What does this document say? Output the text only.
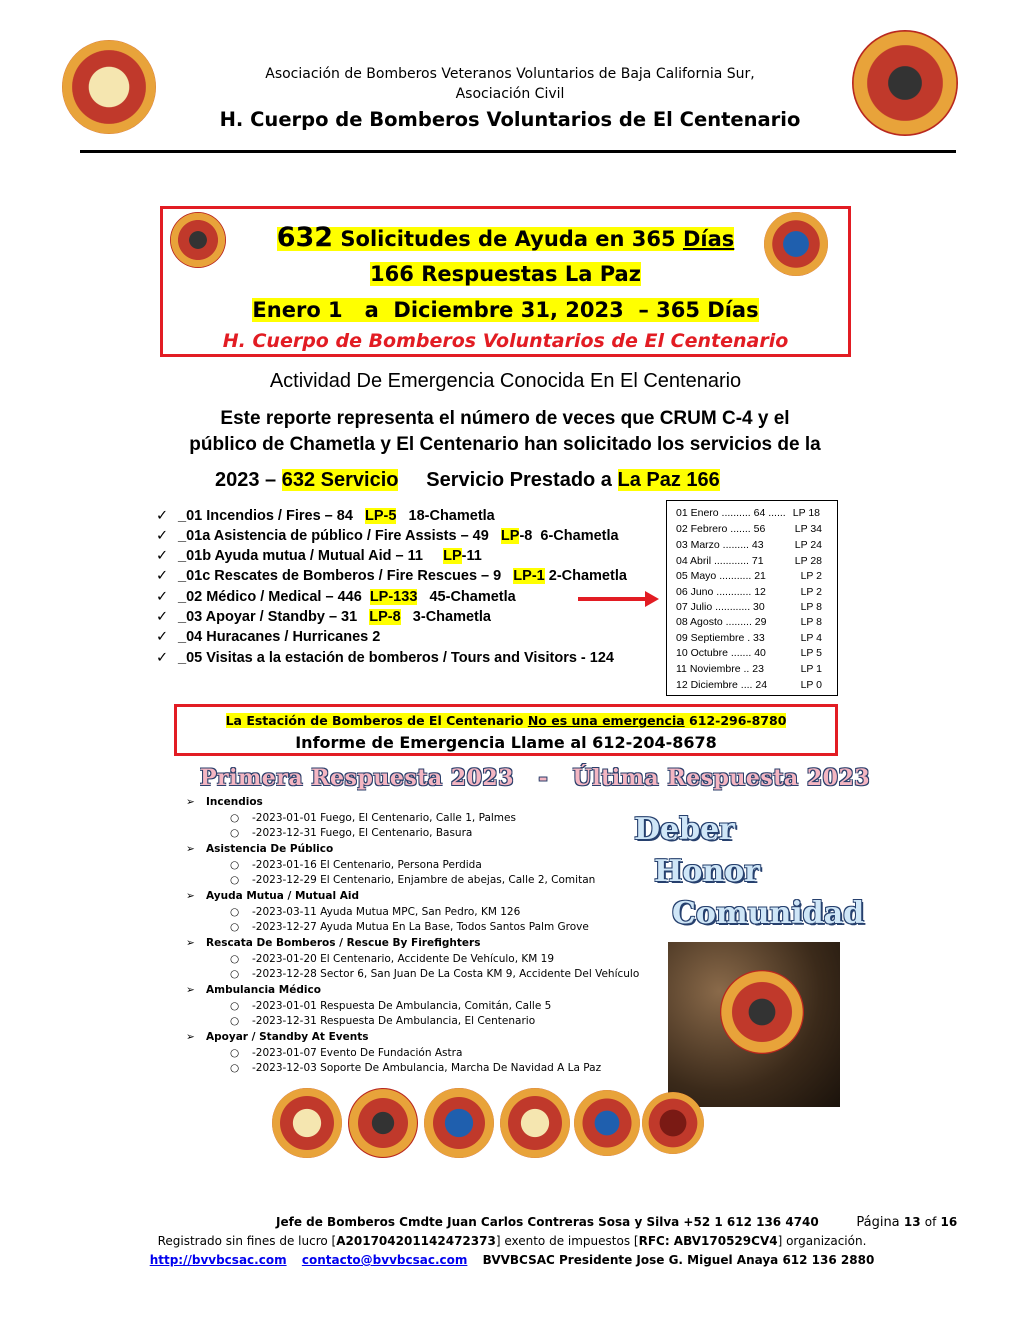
Asociación de Bomberos Veteranos Voluntarios de Baja California Sur,
Asociación Civil
H. Cuerpo de Bomberos Voluntarios de El Centenario
632 Solicitudes de Ayuda en 365 Días
166 Respuestas La Paz
Enero 1   a  Diciembre 31, 2023  – 365 Días
H. Cuerpo de Bomberos Voluntarios de El Centenario
Actividad De Emergencia Conocida En El Centenario
Este reporte representa el número de veces que CRUM C-4 y el
público de Chametla y El Centenario han solicitado los servicios de la
2023 – 632 Servicio Servicio Prestado a La Paz 166
✓ _01 Incendios / Fires – 84 LP-5 18-Chametla
✓ _01a Asistencia de público / Fire Assists – 49 LP-8  6-Chametla
✓ _01b Ayuda mutua / Mutual Aid – 11 LP-11
✓ _01c Rescates de Bomberos / Fire Rescues – 9 LP-1 2-Chametla
✓ _02 Médico / Medical – 446 LP-133 45-Chametla
✓ _03 Apoyar / Standby – 31 LP-8 3-Chametla
✓ _04 Huracanes / Hurricanes 2
✓ _05 Visitas a la estación de bomberos / Tours and Visitors - 124
01 Enero .......... 64 ...... LP 18
02 Febrero ....... 56	LP 34
03 Marzo ......... 43	LP 24
04 Abril ............ 71	LP 28
05 Mayo ........... 21	LP 2
06 Juno ............ 12	LP 2
07 Julio ............ 30	LP 8
08 Agosto ......... 29	LP 8
09 Septiembre . 33	LP 4
10 Octubre ....... 40	LP 5
11 Noviembre .. 23	LP 1
12 Diciembre .... 24	LP 0
La Estación de Bomberos de El Centenario No es una emergencia 612-296-8780
Informe de Emergencia Llame al 612-204-8678
Primera Respuesta 2023   -   Última Respuesta 2023
➢ Incendios
○ -2023-01-01 Fuego, El Centenario, Calle 1, Palmes
○ -2023-12-31 Fuego, El Centenario, Basura
➢ Asistencia De Público
○ -2023-01-16 El Centenario, Persona Perdida
○ -2023-12-29 El Centenario, Enjambre de abejas, Calle 2, Comitan
➢ Ayuda Mutua / Mutual Aid
○ -2023-03-11 Ayuda Mutua MPC, San Pedro, KM 126
○ -2023-12-27 Ayuda Mutua En La Base, Todos Santos Palm Grove
➢ Rescata De Bomberos / Rescue By Firefighters
○ -2023-01-20 El Centenario, Accidente De Vehículo, KM 19
○ -2023-12-28 Sector 6, San Juan De La Costa KM 9, Accidente Del Vehículo
➢ Ambulancia Médico
○ -2023-01-01 Respuesta De Ambulancia, Comitán, Calle 5
○ -2023-12-31 Respuesta De Ambulancia, El Centenario
➢ Apoyar / Standby At Events
○ -2023-01-07 Evento De Fundación Astra
○ -2023-12-03 Soporte De Ambulancia, Marcha De Navidad A La Paz
Deber
Honor
Comunidad
Jefe de Bomberos Cmdte Juan Carlos Contreras Sosa y Silva +52 1 612 136 4740	Página 13 of 16
Registrado sin fines de lucro [A201704201142472373] exento de impuestos [RFC: ABV170529CV4] organización.
http://bvvbcsac.com contacto@bvvbcsac.com BVVBCSAC Presidente Jose G. Miguel Anaya 612 136 2880
